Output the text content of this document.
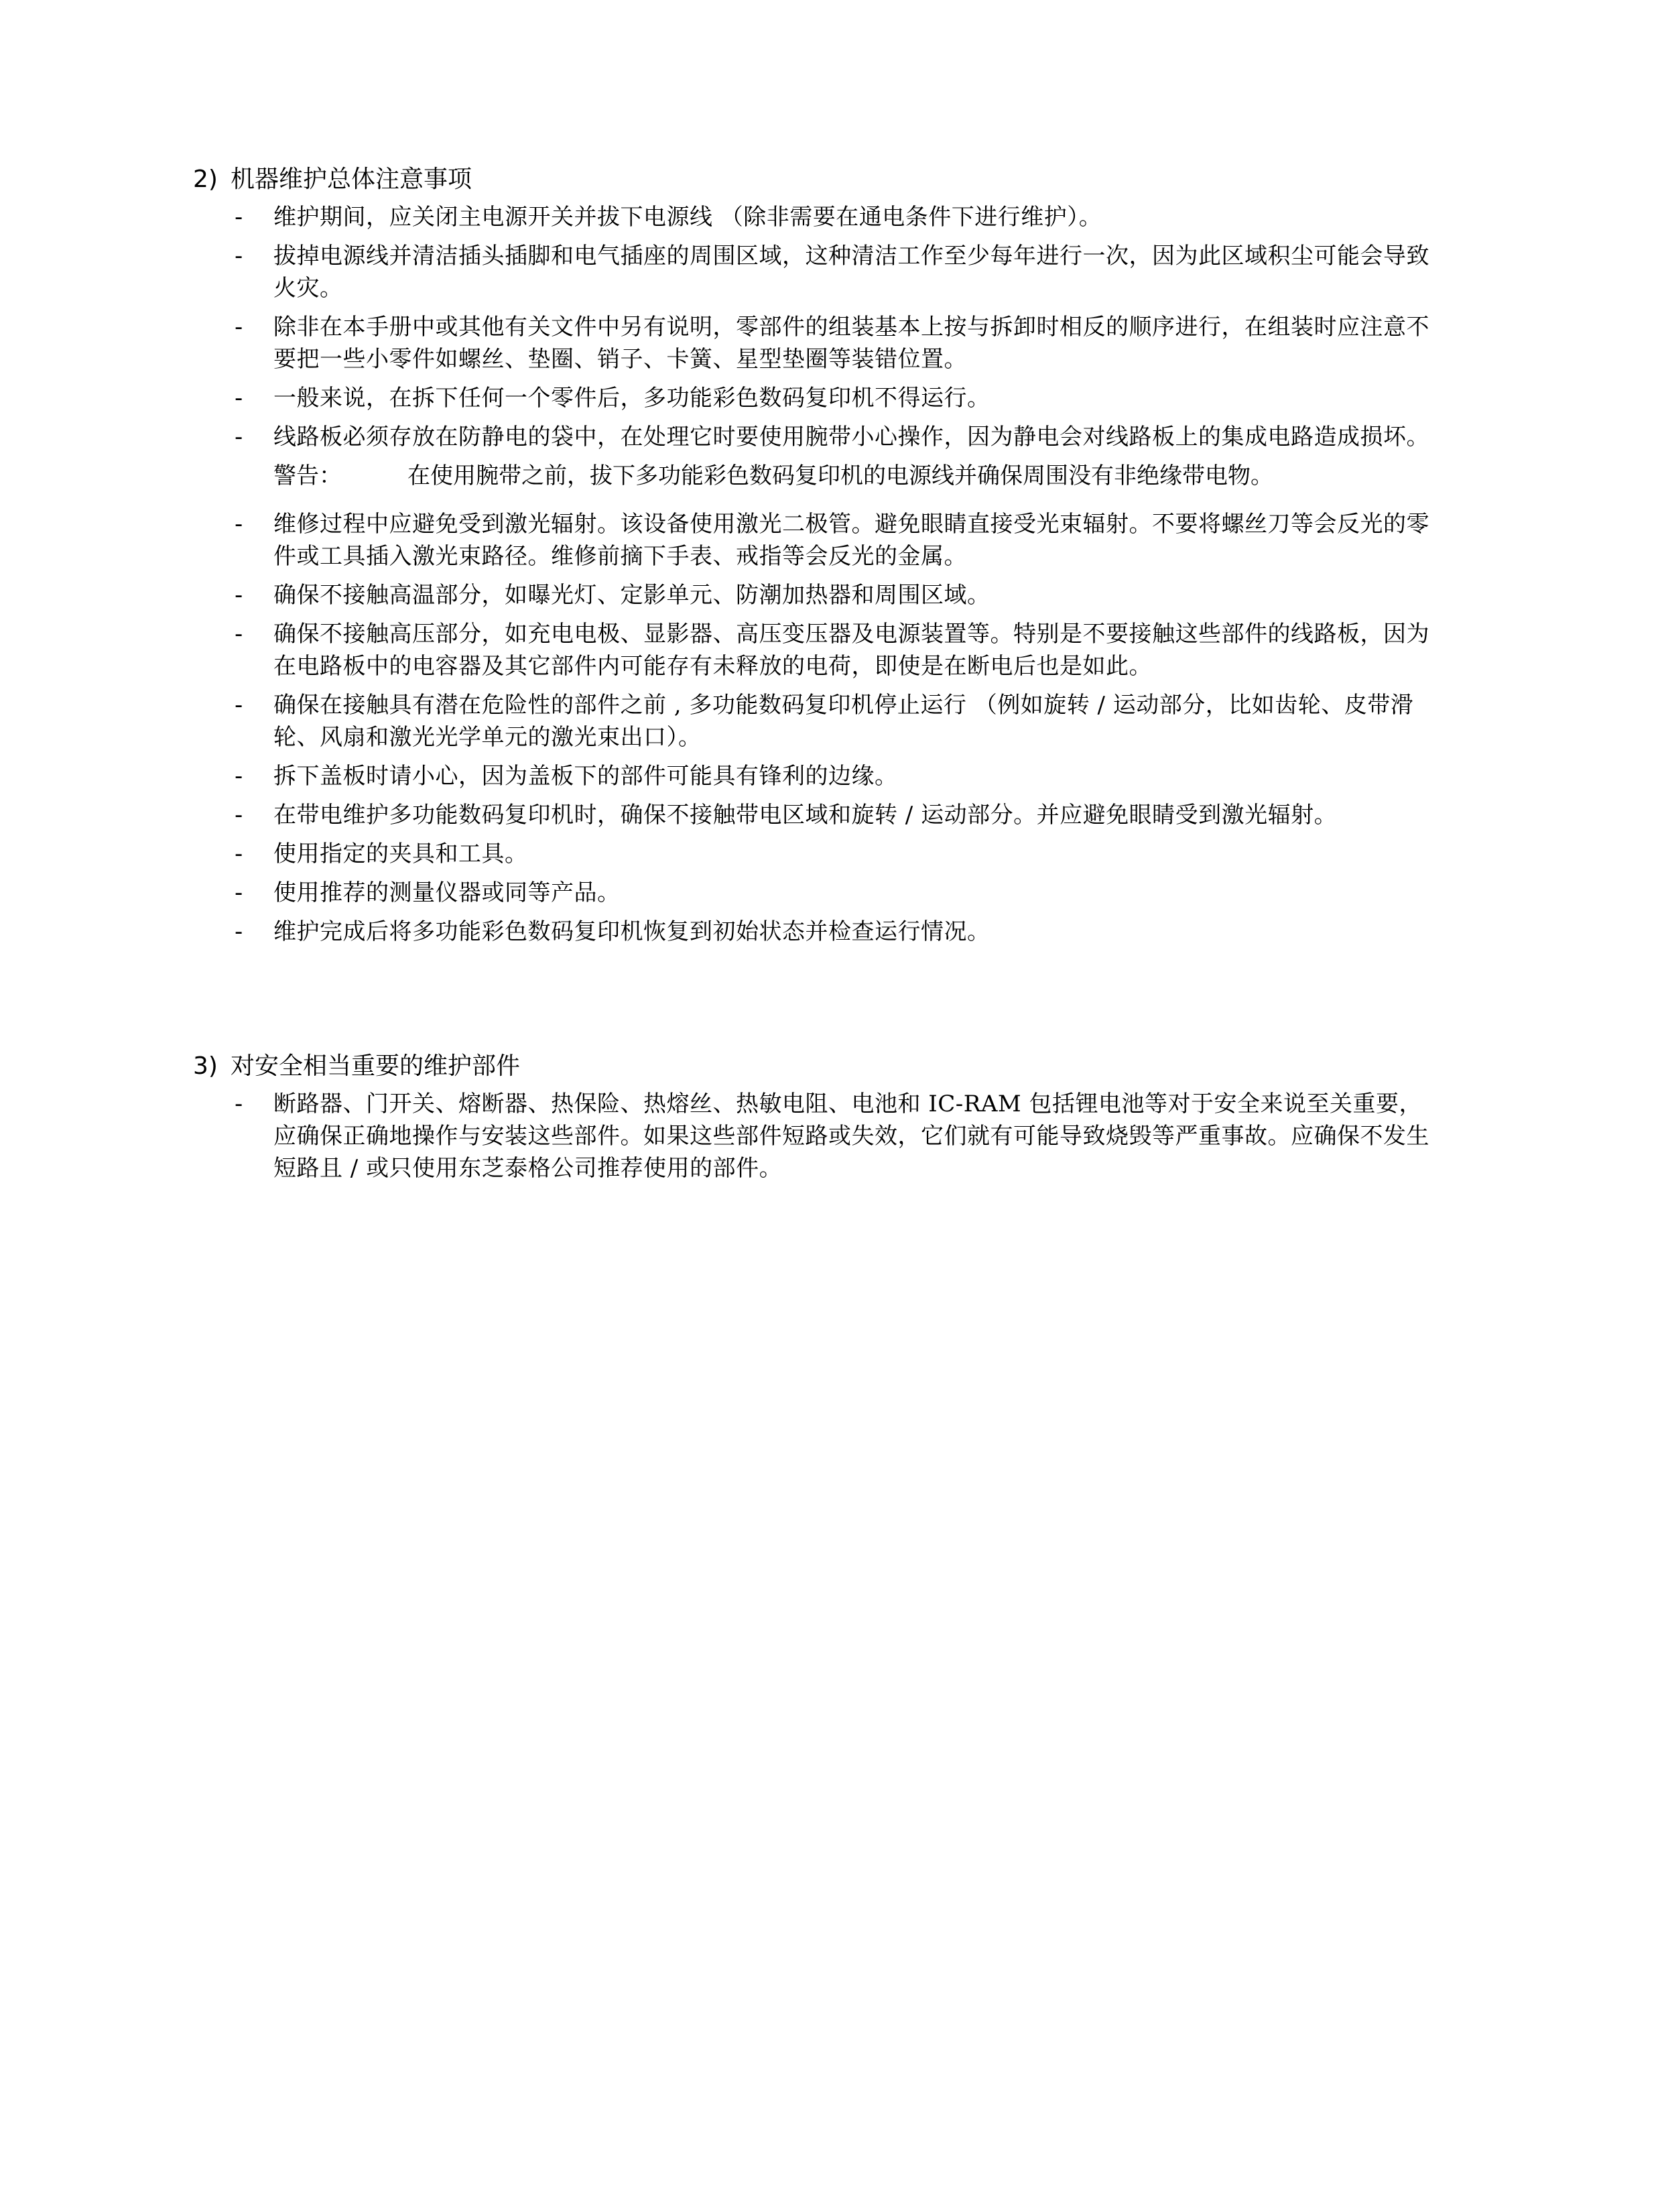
2) 机器维护总体注意事项
- 维护期间，应关闭主电源开关并拔下电源线 （除非需要在通电条件下进行维护）。
- 拔掉电源线并清洁插头插脚和电气插座的周围区域，这种清洁工作至少每年进行一次，因为此区域积尘可能会导致火灾。
- 除非在本手册中或其他有关文件中另有说明，零部件的组装基本上按与拆卸时相反的顺序进行，在组装时应注意不要把一些小零件如螺丝、垫圈、销子、卡簧、星型垫圈等装错位置。
- 一般来说，在拆下任何一个零件后，多功能彩色数码复印机不得运行。
- 线路板必须存放在防静电的袋中，在处理它时要使用腕带小心操作，因为静电会对线路板上的集成电路造成损坏。
警告：	在使用腕带之前，拔下多功能彩色数码复印机的电源线并确保周围没有非绝缘带电物。
- 维修过程中应避免受到激光辐射。该设备使用激光二极管。避免眼睛直接受光束辐射。不要将螺丝刀等会反光的零件或工具插入激光束路径。维修前摘下手表、戒指等会反光的金属。
- 确保不接触高温部分，如曝光灯、定影单元、防潮加热器和周围区域。
- 确保不接触高压部分，如充电电极、显影器、高压变压器及电源装置等。特别是不要接触这些部件的线路板，因为在电路板中的电容器及其它部件内可能存有未释放的电荷，即使是在断电后也是如此。
- 确保在接触具有潜在危险性的部件之前 , 多功能数码复印机停止运行 （例如旋转 / 运动部分，比如齿轮、皮带滑轮、风扇和激光光学单元的激光束出口）。
- 拆下盖板时请小心，因为盖板下的部件可能具有锋利的边缘。
- 在带电维护多功能数码复印机时，确保不接触带电区域和旋转 / 运动部分。并应避免眼睛受到激光辐射。
- 使用指定的夹具和工具。
- 使用推荐的测量仪器或同等产品。
- 维护完成后将多功能彩色数码复印机恢复到初始状态并检查运行情况。
3) 对安全相当重要的维护部件
- 断路器、门开关、熔断器、热保险、热熔丝、热敏电阻、电池和 IC-RAM 包括锂电池等对于安全来说至关重要，应确保正确地操作与安装这些部件。如果这些部件短路或失效，它们就有可能导致烧毁等严重事故。应确保不发生短路且 / 或只使用东芝泰格公司推荐使用的部件。
